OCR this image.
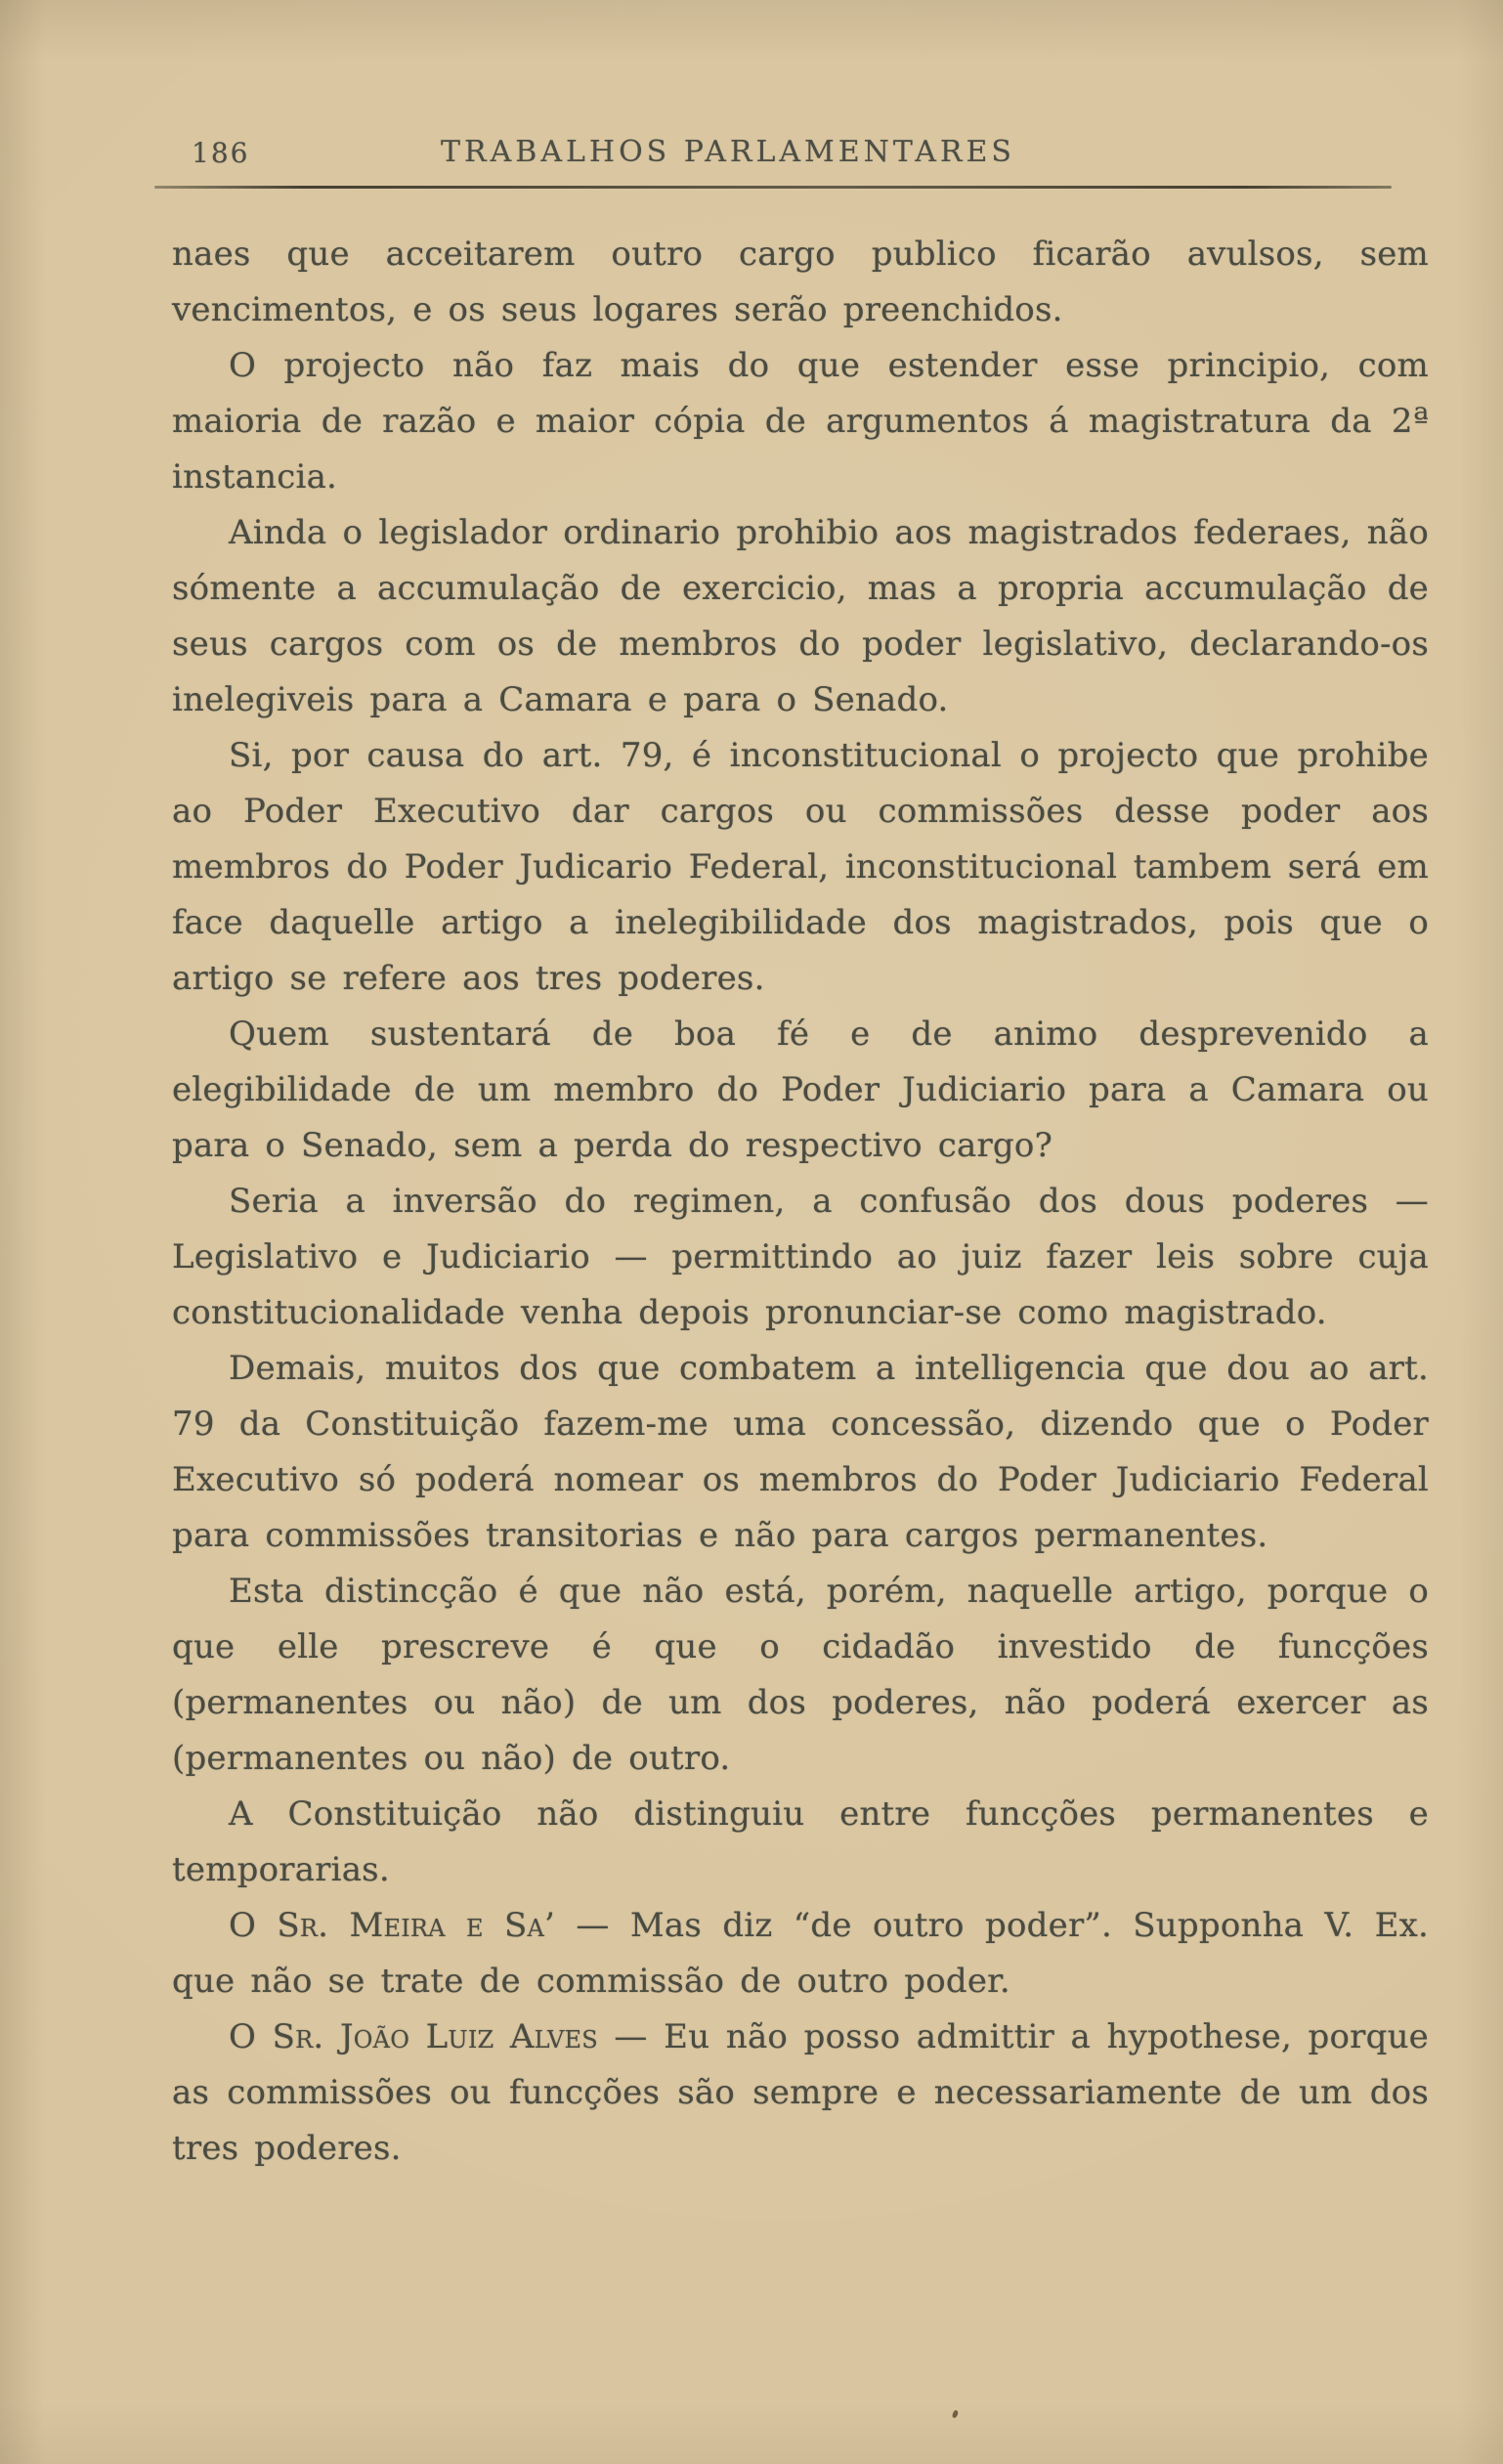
186	TRABALHOS PARLAMENTARES

naes que acceitarem outro cargo publico ficarão avulsos, sem vencimentos, e os seus logares serão preenchidos.

O projecto não faz mais do que estender esse principio, com maioria de razão e maior cópia de argumentos á magistratura da 2ª instancia.

Ainda o legislador ordinario prohibio aos magistrados federaes, não sómente a accumulação de exercicio, mas a propria accumulação de seus cargos com os de membros do poder legislativo, declarando-os inelegiveis para a Camara e para o Senado.

Si, por causa do art. 79, é inconstitucional o projecto que prohibe ao Poder Executivo dar cargos ou commissões desse poder aos membros do Poder Judicario Federal, inconstitucional tambem será em face daquelle artigo a inelegibilidade dos magistrados, pois que o artigo se refere aos tres poderes.

Quem sustentará de boa fé e de animo desprevenido a elegibilidade de um membro do Poder Judiciario para a Camara ou para o Senado, sem a perda do respectivo cargo?

Seria a inversão do regimen, a confusão dos dous poderes — Legislativo e Judiciario — permittindo ao juiz fazer leis sobre cuja constitucionalidade venha depois pronunciar-se como magistrado.

Demais, muitos dos que combatem a intelligencia que dou ao art. 79 da Constituição fazem-me uma concessão, dizendo que o Poder Executivo só poderá nomear os membros do Poder Judiciario Federal para commissões transitorias e não para cargos permanentes.

Esta distincção é que não está, porém, naquelle artigo, porque o que elle prescreve é que o cidadão investido de funcções (permanentes ou não) de um dos poderes, não poderá exercer as (permanentes ou não) de outro.

A Constituição não distinguiu entre funcções permanentes e temporarias.

O Sr. Meira e Sa’ — Mas diz “de outro poder”. Supponha V. Ex. que não se trate de commissão de outro poder.

O Sr. João Luiz Alves — Eu não posso admittir a hypothese, porque as commissões ou funcções são sempre e necessariamente de um dos tres poderes.
